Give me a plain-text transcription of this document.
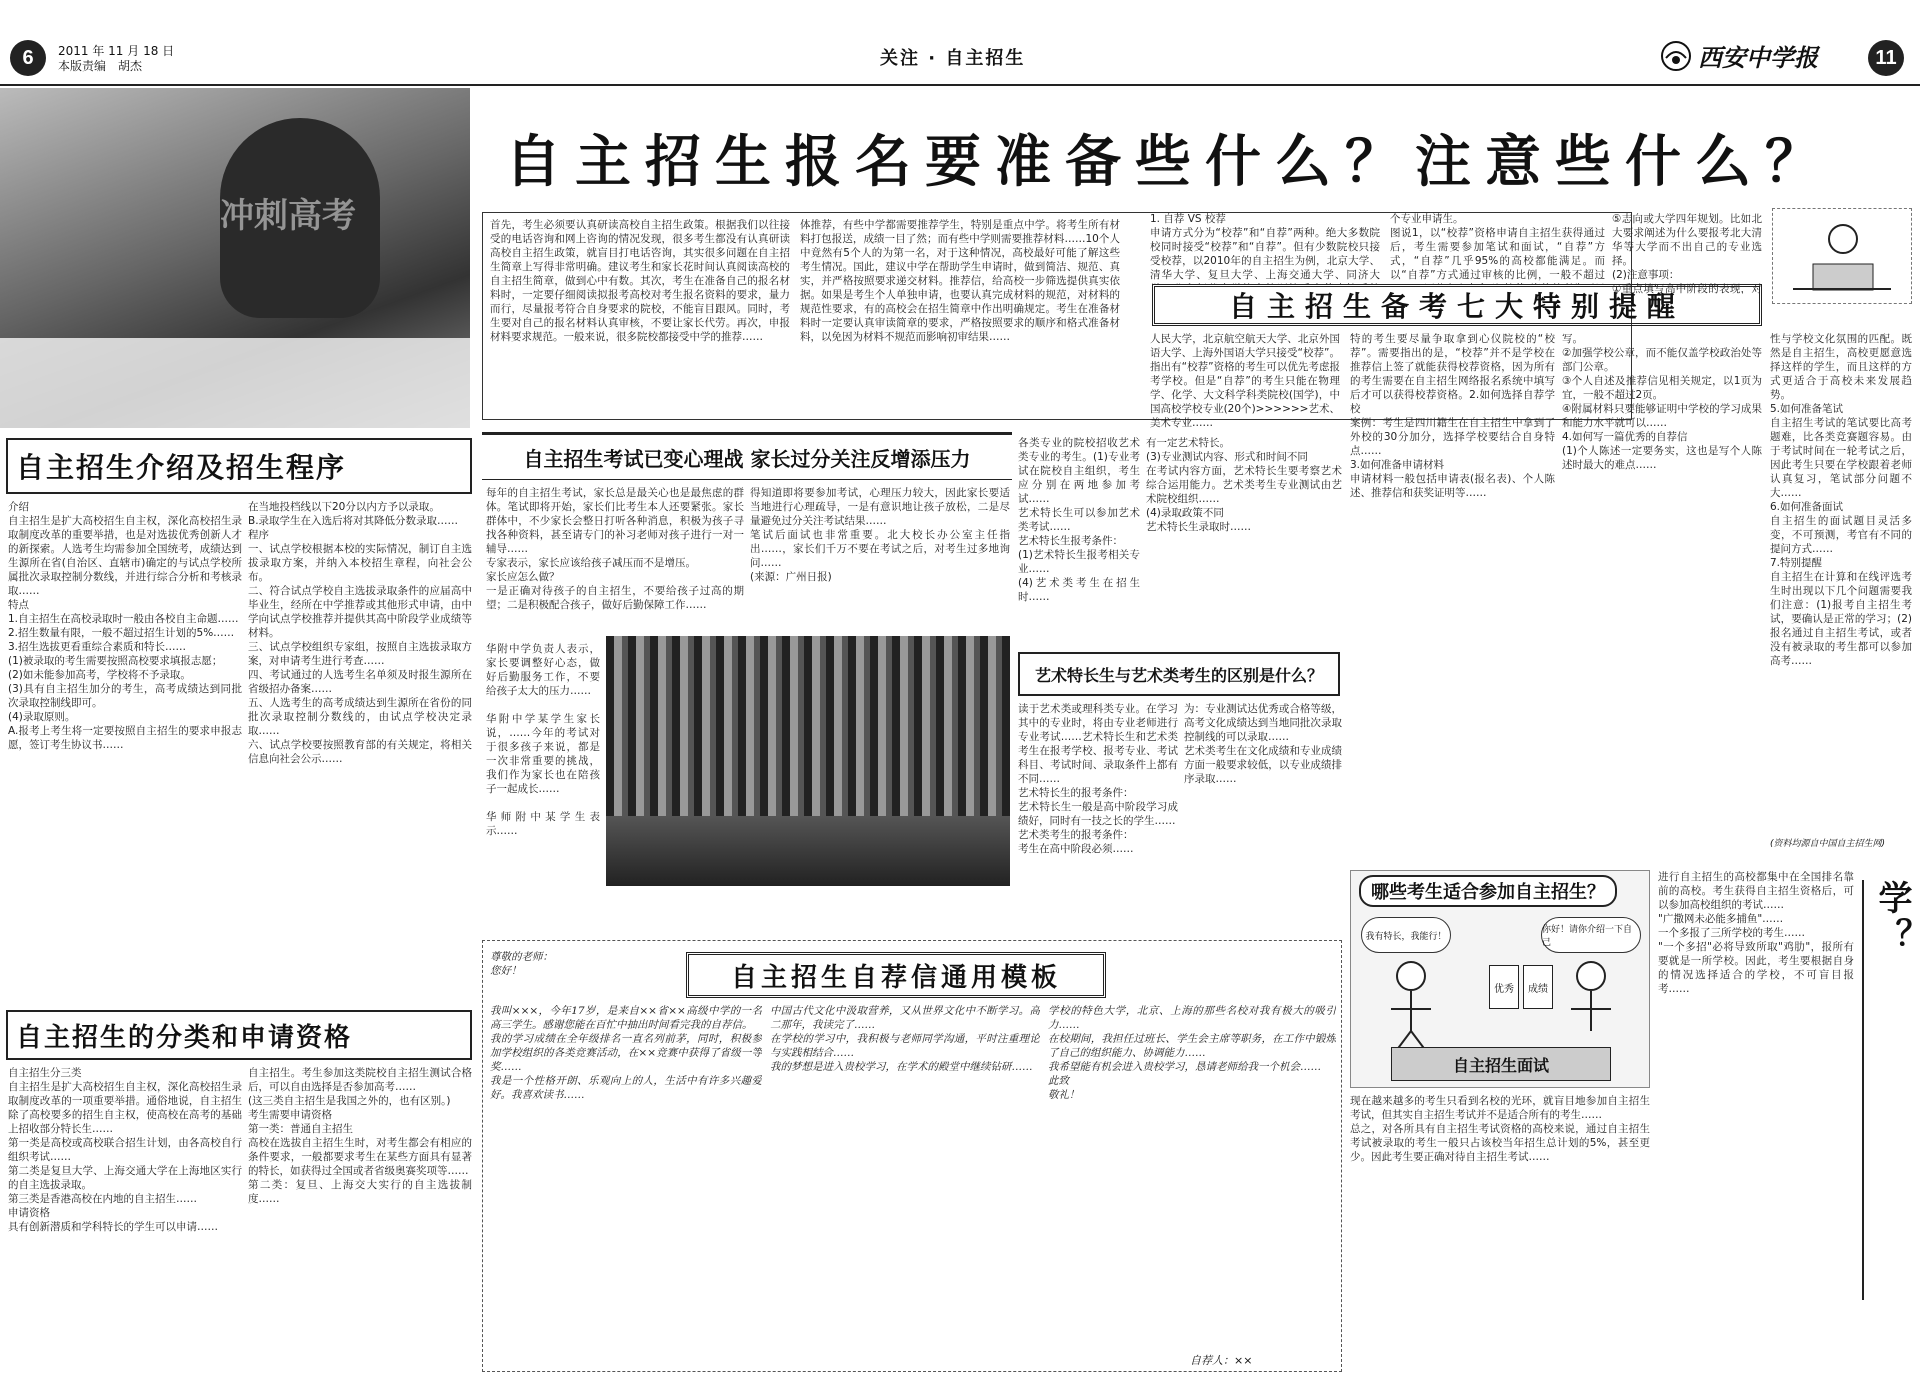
6	2011 年 11 月 18 日
本版责编　胡杰	关注 · 自主招生	西安中学报	11
冲刺高考
自主招生报名要准备些什么？注意些什么？
首先，考生必须要认真研读高校自主招生政策。根据我们以往接受的电话咨询和网上咨询的情况发现，很多考生都没有认真研读高校自主招生政策，就盲目打电话咨询，其实很多问题在自主招生简章上写得非常明确。建议考生和家长花时间认真阅读高校的自主招生简章，做到心中有数。其次，考生在准备自己的报名材料时，一定要仔细阅读拟报考高校对考生报名资料的要求，量力而行，尽量报考符合自身要求的院校，不能盲目跟风。同时，考生要对自己的报名材料认真审核，不要让家长代劳。再次，申报材料要求规范。一般来说，很多院校都接受中学的推荐……
体推荐，有些中学都需要推荐学生，特别是重点中学。将考生所有材料打包报送，成绩一目了然；而有些中学则需要推荐材料……10个人中竟然有5个人的为第一名，对于这种情况，高校最好可能了解这些考生情况。国此，建议中学在帮助学生申请时，做到简洁、规范、真实，并严格按照要求递交材料。推荐信，给高校一步筛选提供真实依据。如果是考生个人单独申请，也要认真完成材料的规范，对材料的规范性要求，有的高校会在招生简章中作出明确规定。考生在准备材料时一定要认真审读简章的要求，严格按照要求的顺序和格式准备材料，以免因为材料不规范而影响初审结果……
1. 自荐 VS 校荐
申请方式分为“校荐”和“自荐”两种。绝大多数院校同时接受“校荐”和“自荐”。但有少数院校只接受校荐，以2010年的自主招生为例，北京大学、清华大学、复旦大学、上海交通大学、同济大
个专业申请生。
图说1，以“校荐”资格申请自主招生获得通过后，考生需要参加笔试和面试，“自荐”方式，“自荐”几乎95%的高校都能满足。而以“自荐”方式通过审核的比例，一般不超过
⑤志向或大学四年规划。比如北大要求阐述为什么要报考北大清华等大学而不出自己的专业选择。
(2)注意事项：
①重点填写高中阶段的表现，对

自主招生备考七大特别提醒
人民大学，北京航空航天大学、北京外国语大学、上海外国语大学只接受“校荐”。指出有“校荐”资格的考生可以优先考虑报考学校。但是“自荐”的考生只能在物理学、化学、大文科学科类院校(国学)，中国高校学校专业(20个)>>>>>>艺术、美术专业……
特的考生要尽量争取拿到心仪院校的“校荐”。需要指出的是，“校荐”并不是学校在推荐信上签了就能获得校荐资格，因为所有的考生需要在自主招生网络报名系统中填写后才可以获得校荐资格。2.如何选择自荐学校
案例：考生是四川籍生在自主招生中拿到了外校的30分加分，选择学校要结合自身特点……
3.如何准备申请材料
申请材料一般包括申请表(报名表)、个人陈述、推荐信和获奖证明等……
写。
②加强学校公章，而不能仅盖学校政治处等部门公章。
③个人自述及推荐信见相关规定，以1页为宜，一般不超过2页。
④附属材料只要能够证明中学校的学习成果和能力水平就可以……
4.如何写一篇优秀的自荐信
(1)个人陈述一定要务实，这也是写个人陈述时最大的难点……
性与学校文化氛围的匹配。既然是自主招生，高校更愿意选择这样的学生，而且这样的方式更适合于高校未来发展趋势。
5.如何准备笔试
自主招生考试的笔试要比高考题难，比各类竞赛题容易。由于考试时间在一轮考试之后，因此考生只要在学校跟着老师认真复习，笔试部分问题不大……
6.如何准备面试
自主招生的面试题目灵活多变，不可预测，考官有不同的提问方式……
7.特别提醒
自主招生在计算和在线评选考生时出现以下几个问题需要我们注意：(1)报考自主招生考试，要确认是正常的学习；(2)报名通过自主招生考试，或者没有被录取的考生都可以参加高考……
(资料均源自中国自主招生网)
自主招生介绍及招生程序
介绍
自主招生是扩大高校招生自主权，深化高校招生录取制度改革的重要举措，也是对选拔优秀创新人才的新探索。人选考生均需参加全国统考，成绩达到生源所在省(自治区、直辖市)确定的与试点学校所属批次录取控制分数线，并进行综合分析和考核录取……
特点
1.自主招生在高校录取时一般由各校自主命题……
2.招生数量有限，一般不超过招生计划的5%……
3.招生选拔更看重综合素质和特长……
(1)被录取的考生需要按照高校要求填报志愿；
(2)如未能参加高考，学校将不予录取。
(3)具有自主招生加分的考生，高考成绩达到同批次录取控制线即可。
(4)录取原则。
A.报考上考生将一定要按照自主招生的要求申报志愿，签订考生协议书……
在当地投档线以下20分以内方予以录取。
B.录取学生在入选后将对其降低分数录取……
程序
一、试点学校根据本校的实际情况，制订自主选拔录取方案，并纳入本校招生章程，向社会公布。
二、符合试点学校自主选拔录取条件的应届高中毕业生，经所在中学推荐或其他形式申请，由中学向试点学校推荐并提供其高中阶段学业成绩等材料。
三、试点学校组织专家组，按照自主选拔录取方案，对申请考生进行考查……
四、考试通过的人选考生名单须及时报生源所在省级招办备案……
五、人选考生的高考成绩达到生源所在省份的同批次录取控制分数线的，由试点学校决定录取……
六、试点学校要按照教育部的有关规定，将相关信息向社会公示……
自主招生考试已变心理战 家长过分关注反增添压力
每年的自主招生考试，家长总是最关心也是最焦虑的群体。笔试即将开始，家长们比考生本人还要紧张。家长群体中，不少家长会整日打听各种消息，积极为孩子寻找各种资料，甚至请专门的补习老师对孩子进行一对一辅导……
专家表示，家长应该给孩子减压而不是增压。
家长应怎么做？
一是正确对待孩子的自主招生，不要给孩子过高的期望；二是积极配合孩子，做好后勤保障工作……
得知道即将要参加考试，心理压力较大，因此家长要适当地进行心理疏导，一是有意识地让孩子放松，二是尽量避免过分关注考试结果……
笔试后面试也非常重要。北大校长办公室主任指出……，家长们千万不要在考试之后，对考生过多地询问……
(来源：广州日报)
各类专业的院校招收艺术类专业的考生。(1)专业考试在院校自主组织，考生应分别在两地参加考试……
艺术特长生可以参加艺术类考试……
艺术特长生报考条件：
(1)艺术特长生报考相关专业……
(4)艺术类考生在招生时……
有一定艺术特长。
(3)专业测试内容、形式和时间不同
在考试内容方面，艺术特长生要考察艺术综合运用能力。艺术类考生专业测试由艺术院校组织……
(4)录取政策不同
艺术特长生录取时……
艺术特长生与艺术类考生的区别是什么？
华附中学负责人表示，家长要调整好心态，做好后勤服务工作，不要给孩子太大的压力……

华附中学某学生家长说，……今年的考试对于很多孩子来说，都是一次非常重要的挑战，我们作为家长也在陪孩子一起成长……

华师附中某学生表示……
读于艺术类或理科类专业。在学习其中的专业时，将由专业老师进行专业考试……艺术特长生和艺术类考生在报考学校、报考专业、考试科目、考试时间、录取条件上都有不同……
艺术特长生的报考条件：
艺术特长生一般是高中阶段学习成绩好，同时有一技之长的学生……
艺术类考生的报考条件：
考生在高中阶段必须……
为：专业测试达优秀或合格等级，高考文化成绩达到当地同批次录取控制线的可以录取……
艺术类考生在文化成绩和专业成绩方面一般要求较低，以专业成绩排序录取……
自主招生的分类和申请资格
自主招生分三类
自主招生是扩大高校招生自主权，深化高校招生录取制度改革的一项重要举措。通俗地说，自主招生除了高校要多的招生自主权，使高校在高考的基础上招收部分特长生……
第一类是高校或高校联合招生计划，由各高校自行组织考试……
第二类是复旦大学、上海交通大学在上海地区实行的自主选拔录取。
第三类是香港高校在内地的自主招生……
申请资格
具有创新潜质和学科特长的学生可以申请……
自主招生。考生参加这类院校自主招生测试合格后，可以自由选择是否参加高考……
(这三类自主招生是我国之外的，也有区别。)
考生需要申请资格
第一类：普通自主招生
高校在选拔自主招生生时，对考生都会有相应的条件要求，一般都要求考生在某些方面具有显著的特长，如获得过全国或者省级奥赛奖项等……
第二类：复旦、上海交大实行的自主选拔制度……
自主招生自荐信通用模板
尊敬的老师：
您好！
我叫×××，今年17岁，是来自××省××高级中学的一名高三学生。感谢您能在百忙中抽出时间看完我的自荐信。
我的学习成绩在全年级排名一直名列前茅，同时，积极参加学校组织的各类竞赛活动，在××竞赛中获得了省级一等奖……
我是一个性格开朗、乐观向上的人，生活中有许多兴趣爱好。我喜欢读书……
中国古代文化中汲取营养，又从世界文化中不断学习。高二那年，我读完了……
在学校的学习中，我积极与老师同学沟通，平时注重理论与实践相结合……
我的梦想是进入贵校学习，在学术的殿堂中继续钻研……
学校的特色大学，北京、上海的那些名校对我有极大的吸引力……
在校期间，我担任过班长、学生会主席等职务，在工作中锻炼了自己的组织能力、协调能力……
我希望能有机会进入贵校学习，恳请老师给我一个机会……
此致
敬礼！
自荐人：××
哪些考生适合参加自主招生？
我有特长，我能行！
你好！请你介绍一下自己
优秀	成绩
自主招生面试
现在越来越多的考生只看到名校的光环，就盲目地参加自主招生考试，但其实自主招生考试并不是适合所有的考生……
总之，对各所具有自主招生考试资格的高校来说，通过自主招生考试被录取的考生一般只占该校当年招生总计划的5%，甚至更少。因此考生要正确对待自主招生考试……
进行自主招生的高校都集中在全国排名靠前的高校。考生获得自主招生资格后，可以参加高校组织的考试……
"广撒网未必能多捕鱼"……
一个多报了三所学校的考生……
"一个多招"必将导致所取"鸡肋"，报所有要就是一所学校。因此，考生要根据自身的情况选择适合的学校，不可盲目报考……
学？
